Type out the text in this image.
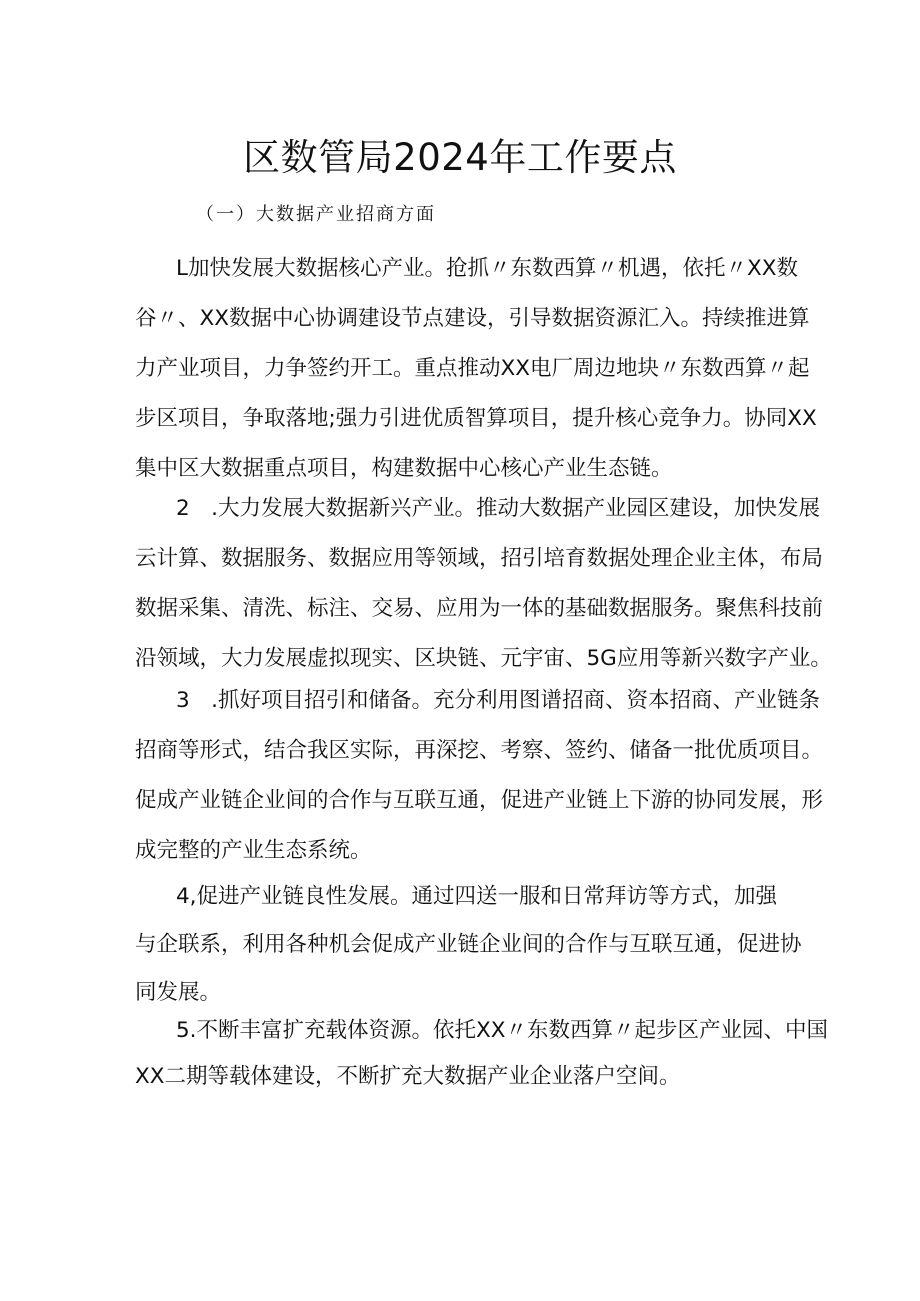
区数管局2024年工作要点
（一）大数据产业招商方面
L加快发展大数据核心产业。抢抓〃东数西算〃机遇，依托〃XX数
谷〃、XX数据中心协调建设节点建设，引导数据资源汇入。持续推进算
力产业项目，力争签约开工。重点推动XX电厂周边地块〃东数西算〃起
步区项目，争取落地;强力引进优质智算项目，提升核心竞争力。协同XX
集中区大数据重点项目，构建数据中心核心产业生态链。
2　.大力发展大数据新兴产业。推动大数据产业园区建设，加快发展
云计算、数据服务、数据应用等领域，招引培育数据处理企业主体，布局
数据采集、清洗、标注、交易、应用为一体的基础数据服务。聚焦科技前
沿领域，大力发展虚拟现实、区块链、元宇宙、5G应用等新兴数字产业。
3　.抓好项目招引和储备。充分利用图谱招商、资本招商、产业链条
招商等形式，结合我区实际，再深挖、考察、签约、储备一批优质项目。
促成产业链企业间的合作与互联互通，促进产业链上下游的协同发展，形
成完整的产业生态系统。
4,促进产业链良性发展。通过四送一服和日常拜访等方式，加强
与企联系，利用各种机会促成产业链企业间的合作与互联互通，促进协
同发展。
5.不断丰富扩充载体资源。依托XX〃东数西算〃起步区产业园、中国
XX二期等载体建设，不断扩充大数据产业企业落户空间。
